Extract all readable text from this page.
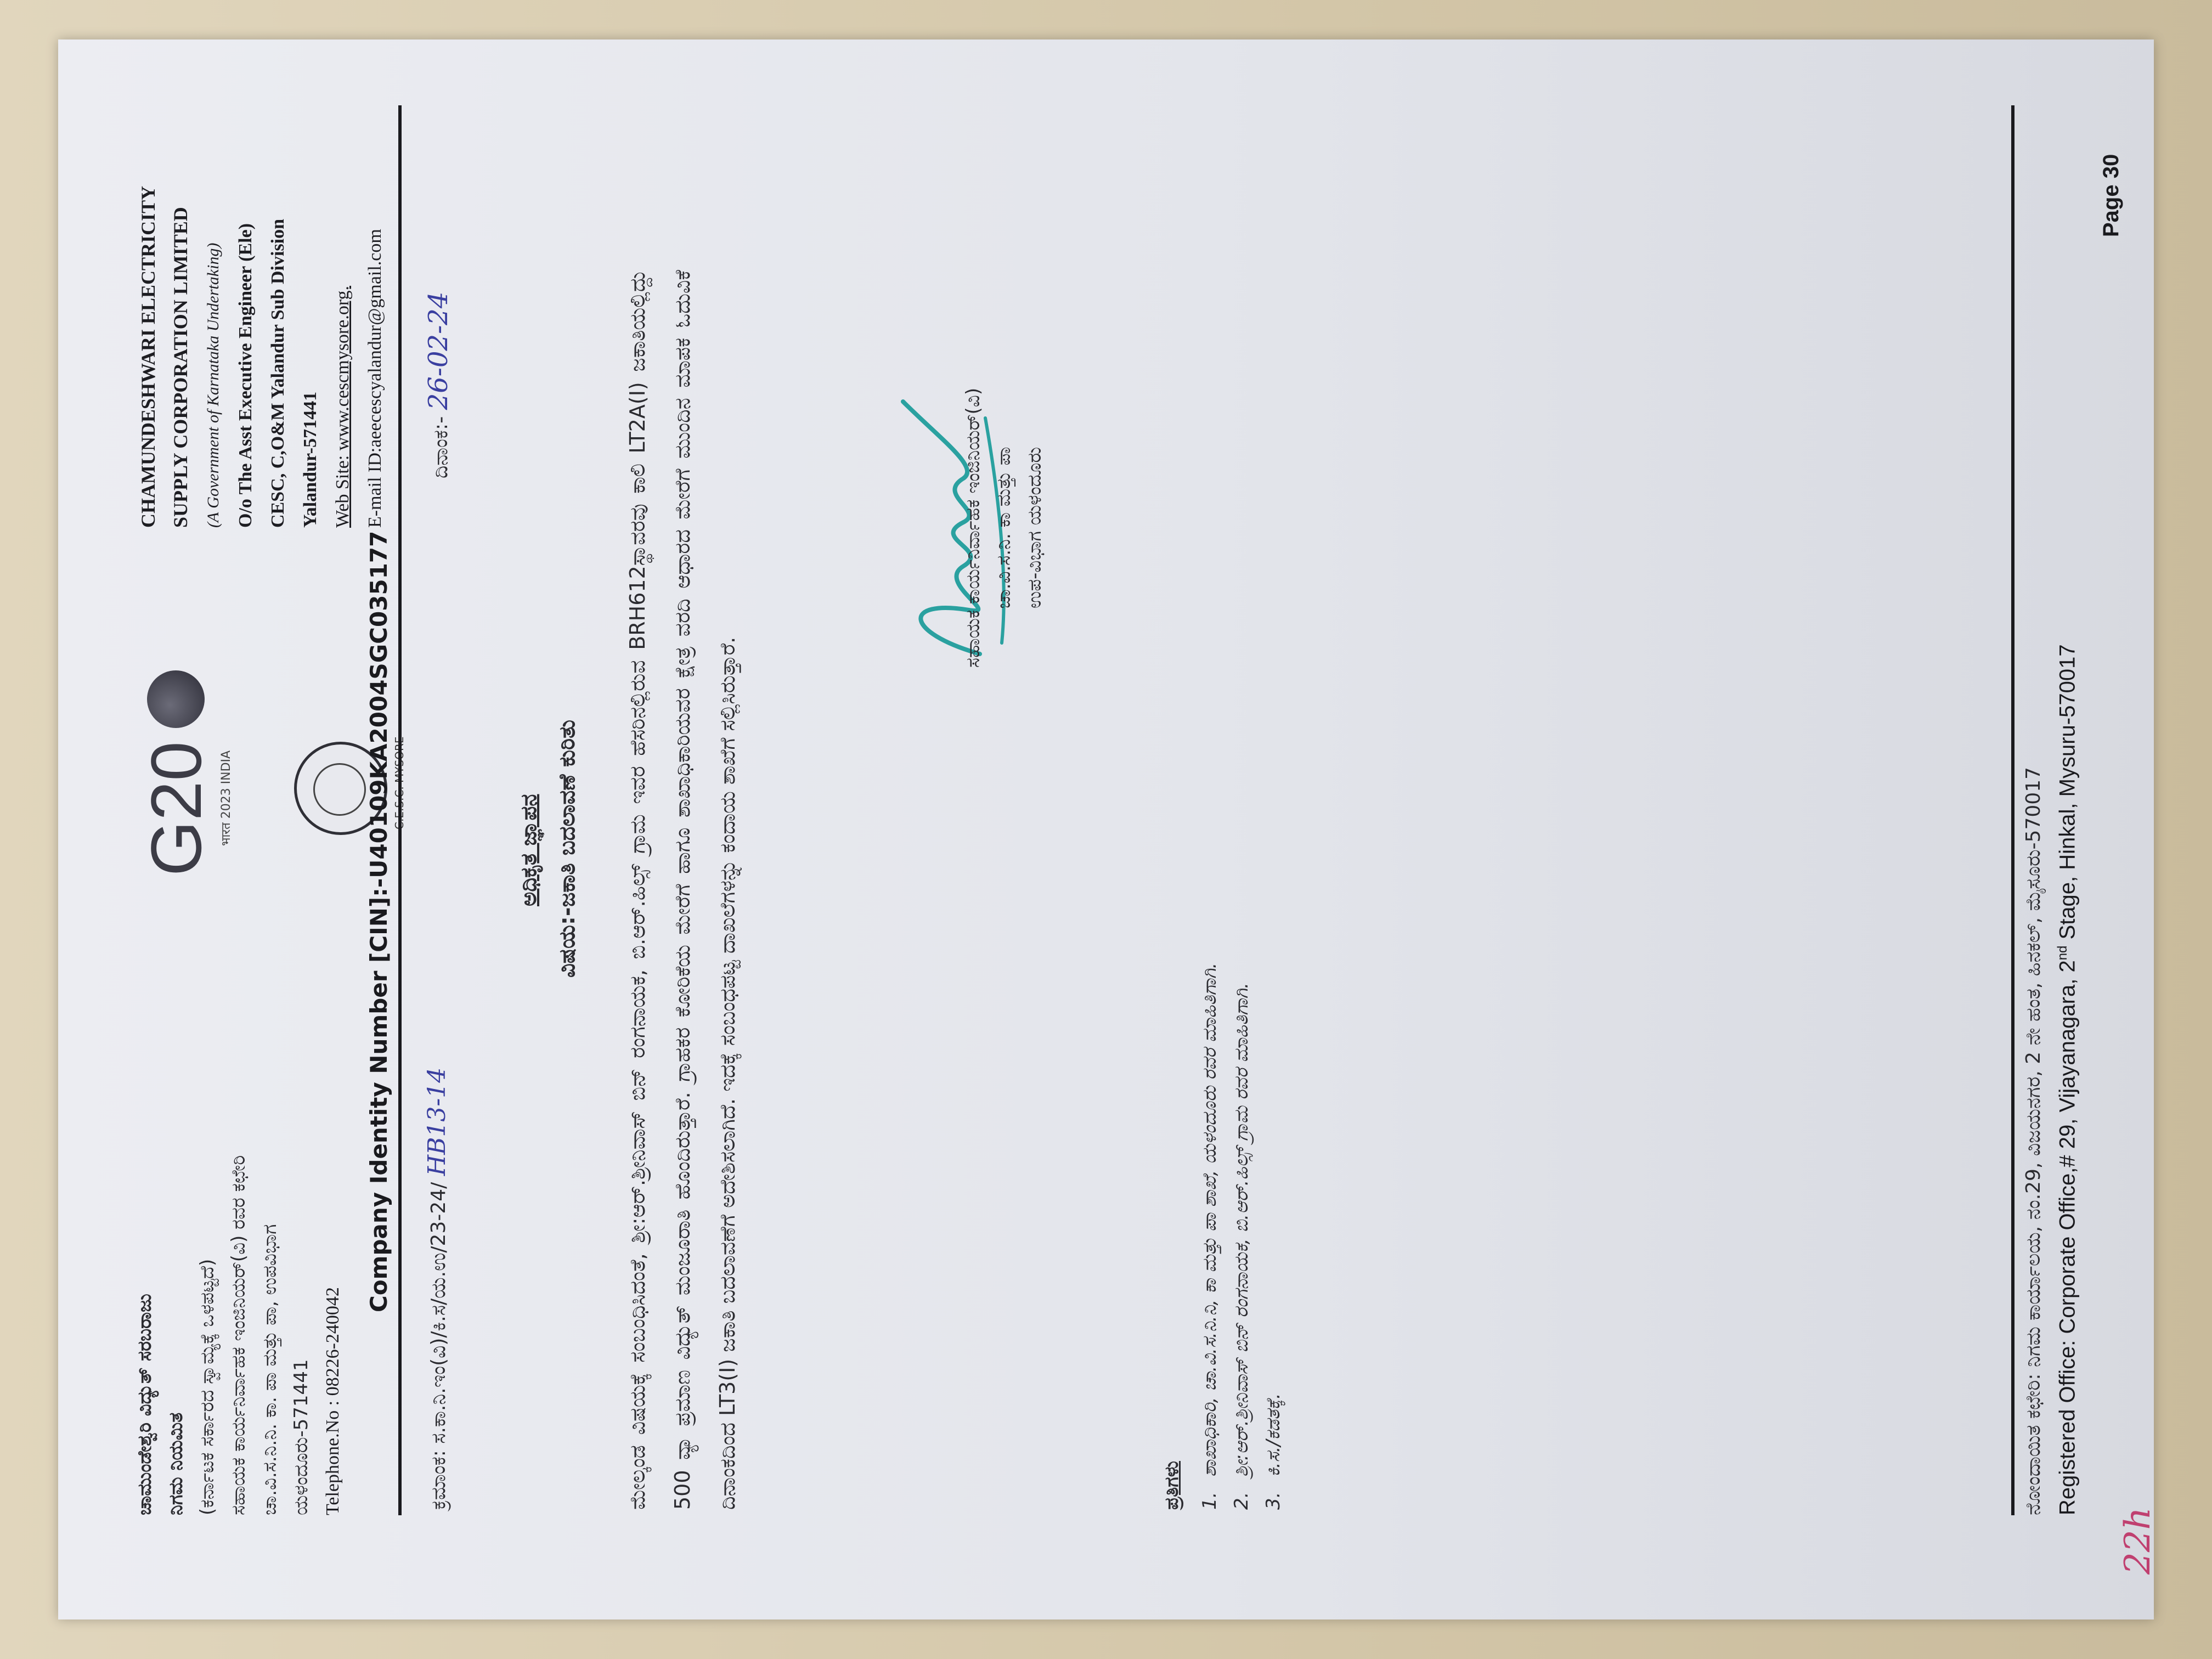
ಚಾಮುಂಡೇಶ್ವರಿ ವಿದ್ಯುತ್ ಸರಬರಾಜು ನಿಗಮ ನಿಯಮಿತ (ಕರ್ನಾಟಕ ಸರ್ಕಾರದ ಸ್ವಾಮ್ಯಕ್ಕೆ ಒಳಪಟ್ಟದೆ) ಸಹಾಯಕ ಕಾರ್ಯನಿರ್ವಾಹಕ ಇಂಜಿನಿಯರ್(ವಿ) ರವರ ಕಛೇರಿ ಚಾ.ವಿ.ಸ.ನಿ.ನಿ. ಕಾ. ಪಾ ಮತ್ತು ಪಾ, ಉಪವಿಭಾಗ ಯಳಂದೂರು-571441 Telephone.No : 08226-240042
G20 भारत 2023 INDIA	C.E.S.C. MYSORE
CHAMUNDESHWARI ELECTRICITY SUPPLY CORPORATION LIMITED (A Government of Karnataka Undertaking) O/o The Asst Executive Engineer (Ele) CESC, C,O&M Yalandur Sub Division Yalandur-571441 Web Site: www.cescmysore.org. E-mail ID:aeecescyalandur@gmail.com
Company Identity Number [CIN]:-U40109KA2004SGC035177
ಕ್ರಮಾಂಕ: ಸ.ಕಾ.ನಿ.ಇಂ(ವಿ)/ಕಿ.ಸ/ಯ.ಉ/23-24/ HB13-14
ದಿನಾಂಕ:- 26-02-24
ಅಧಿಕೃತ ಜ್ಞಾಪನ ವಿಷಯ:-ಜಕಾತಿ ಬದಲಾವಣೆ ಕುರಿತು	ಮೇಲ್ಕಂಡ ವಿಷಯಕ್ಕೆ ಸಂಬಂಧಿಸಿದಂತೆ, ಶ್ರೀ:ಆರ್.ಶ್ರೀನಿವಾಸ್ ಬಿನ್ ರಂಗನಾಯಕ, ಬಿ.ಆರ್.ಹಿಲ್ಸ್ ಗ್ರಾಮ ಇವರ ಹೆಸರಿನಲ್ಲಿರುವ BRH612ಸ್ಥಾವರವು ಕಾಲಿ LT2A(I) ಜಕಾತಿಯಲ್ಲಿದ್ದು 500 ವ್ಯಾ ಪ್ರಮಾಣ ವಿದ್ಯುತ್ ಮಂಜೂರಾತಿ ಹೊಂದಿರುತ್ತಾರೆ. ಗ್ರಾಹಕರ ಕೋರಿಕೆಯ ಮೇರೆಗೆ ಹಾಗೂ ಶಾಖಾಧಿಕಾರಿಯವರ ಕ್ಷೇತ್ರ ವರದಿ ಆಧಾರದ ಮೇರೆಗೆ ಮುಂದಿನ ಮಾಪಕ ಓದುವಿಕೆ ದಿನಾಂಕದಿಂದ LT3(I) ಜಕಾತಿ ಬದಲಾವಣೆಗೆ ಅದೇಶಿಸಲಾಗಿದೆ. ಇದಕ್ಕೆ ಸಂಬಂಧಪಟ್ಟ ದಾಖಲೆಗಳನ್ನು ಕಂದಾಯ ಶಾಖೆಗೆ ಸಲ್ಲಿಸಿರುತ್ತಾರೆ.
ಸಹಾಯಕ ಕಾರ್ಯನಿರ್ವಾಹಕ ಇಂಜಿನಿಯರ್(ವಿ) ಚಾ.ವಿ.ಸ.ನಿ. ಕಾ ಮತ್ತು ಪಾ ಉಪ-ವಿಭಾಗ ಯಳಂದೂರು
ಪ್ರತಿಗಳು 1.ಶಾಖಾಧಿಕಾರಿ, ಚಾ.ವಿ.ಸ.ನಿ.ನಿ, ಕಾ ಮತ್ತು ಪಾ ಶಾಖೆ, ಯಳಂದೂರು ರವರ ಮಾಹಿತಿಗಾಗಿ.
2.ಶ್ರೀ:ಆರ್.ಶ್ರೀನಿವಾಸ್ ಬಿನ್ ರಂಗನಾಯಕ, ಬಿ.ಆರ್.ಹಿಲ್ಸ್ ಗ್ರಾಮ ರವರ ಮಾಹಿತಿಗಾಗಿ.
3.ಕಿ.ಸ./ಕಡತಕ್ಕೆ.	ನೋಂದಾಯಿತ ಕಛೇರಿ: ನಿಗಮ ಕಾರ್ಯಾಲಯ, ನಂ.29, ವಿಜಯನಗರ, 2 ನೇ ಹಂತ, ಹಿನಕಲ್, ಮೈಸೂರು-570017 Registered Office: Corporate Office,# 29, Vijayanagara, 2nd Stage, Hinkal, Mysuru-570017
Page 30
22h
